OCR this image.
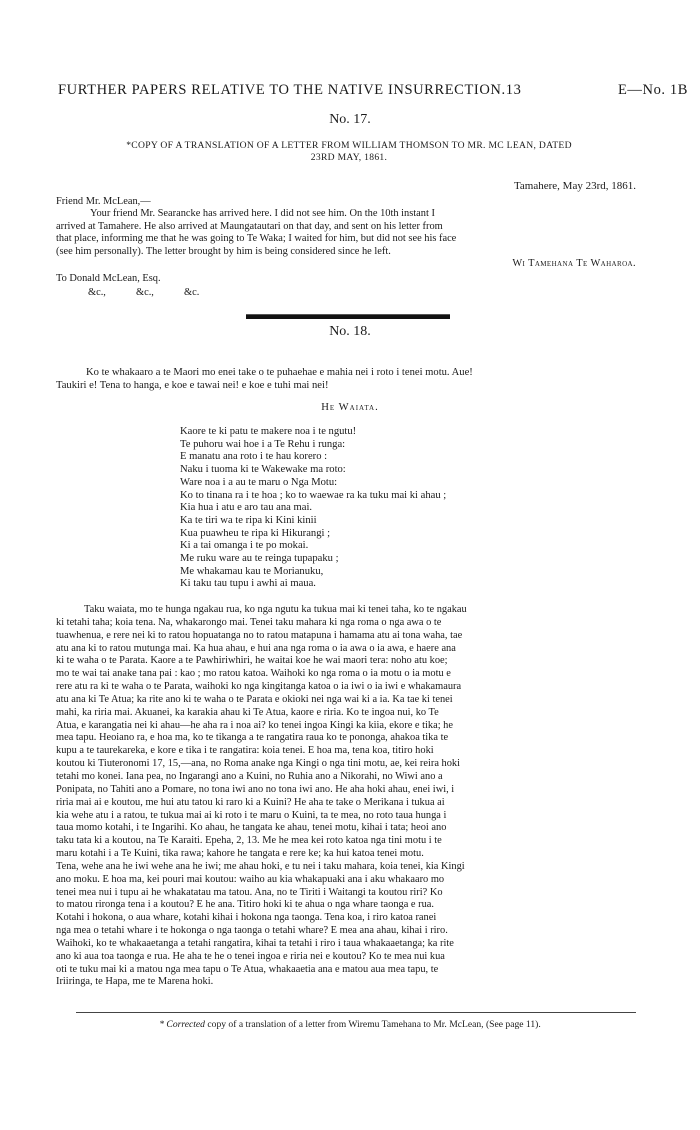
FURTHER PAPERS RELATIVE TO THE NATIVE INSURRECTION.13	E—No. 1B
No. 17.
*COPY OF A TRANSLATION OF A LETTER FROM WILLIAM THOMSON TO MR. MC LEAN, DATED
23RD MAY, 1861.
Tamahere, May 23rd, 1861.
Friend Mr. McLean,—
Your friend Mr. Searancke has arrived here. I did not see him. On the 10th instant I
arrived at Tamahere. He also arrived at Maungatautari on that day, and sent on his letter from
that place, informing me that he was going to Te Waka; I waited for him, but did not see his face
(see him personally). The letter brought by him is being considered since he left.
Wi Tamehana Te Waharoa.
To Donald McLean, Esq.
&c.,	&c.,	&c.
No. 18.
Ko te whakaaro a te Maori mo enei take o te puhaehae e mahia nei i roto i tenei motu. Aue!
Taukiri e! Tena to hanga, e koe e tawai nei! e koe e tuhi mai nei!
He Waiata.
Kaore te ki patu te makere noa i te ngutu!
Te puhoru wai hoe i a Te Rehu i runga:
E manatu ana roto i te hau korero :
Naku i tuoma ki te Wakewake ma roto:
Ware noa i a au te maru o Nga Motu:
Ko to tinana ra i te hoa ; ko to waewae ra ka tuku mai ki ahau ;
Kia hua i atu e aro tau ana mai.
Ka te tiri wa te ripa ki Kini kinii
Kua puawheu te ripa ki Hikurangi ;
Ki a tai omanga i te po mokai.
Me ruku ware au te reinga tupapaku ;
Me whakamau kau te Morianuku,
Ki taku tau tupu i awhi ai maua.
Taku waiata, mo te hunga ngakau rua, ko nga ngutu ka tukua mai ki tenei taha, ko te ngakau
ki tetahi taha; koia tena. Na, whakarongo mai. Tenei taku mahara ki nga roma o nga awa o te
tuawhenua, e rere nei ki to ratou hopuatanga no to ratou matapuna i hamama atu ai tona waha, tae
atu ana ki to ratou mutunga mai. Ka hua ahau, e hui ana nga roma o ia awa o ia awa, e haere ana
ki te waha o te Parata. Kaore a te Pawhiriwhiri, he waitai koe he wai maori tera: noho atu koe;
mo te wai tai anake tana pai : kao ; mo ratou katoa. Waihoki ko nga roma o ia motu o ia motu e
rere atu ra ki te waha o te Parata, waihoki ko nga kingitanga katoa o ia iwi o ia iwi e whakamaura
atu ana ki Te Atua; ka rite ano ki te waha o te Parata e okioki nei nga wai ki a ia. Ka tae ki tenei
mahi, ka riria mai. Akuanei, ka karakia ahau ki Te Atua, kaore e riria. Ko te ingoa nui, ko Te
Atua, e karangatia nei ki ahau—he aha ra i noa ai? ko tenei ingoa Kingi ka kiia, ekore e tika; he
mea tapu. Heoiano ra, e hoa ma, ko te tikanga a te rangatira raua ko te pononga, ahakoa tika te
kupu a te taurekareka, e kore e tika i te rangatira: koia tenei. E hoa ma, tena koa, titiro hoki
koutou ki Tiuteronomi 17, 15,—ana, no Roma anake nga Kingi o nga tini motu, ae, kei reira hoki
tetahi mo konei. Iana pea, no Ingarangi ano a Kuini, no Ruhia ano a Nikorahi, no Wiwi ano a
Ponipata, no Tahiti ano a Pomare, no tona iwi ano no tona iwi ano. He aha hoki ahau, enei iwi, i
riria mai ai e koutou, me hui atu tatou ki raro ki a Kuini? He aha te take o Merikana i tukua ai
kia wehe atu i a ratou, te tukua mai ai ki roto i te maru o Kuini, ta te mea, no roto taua hunga i
taua momo kotahi, i te Ingarihi. Ko ahau, he tangata ke ahau, tenei motu, kihai i tata; heoi ano
taku tata ki a koutou, na Te Karaiti. Epeha, 2, 13. Me he mea kei roto katoa nga tini motu i te
maru kotahi i a Te Kuini, tika rawa; kahore he tangata e rere ke; ka hui katoa tenei motu.
Tena, wehe ana he iwi wehe ana he iwi; me ahau hoki, e tu nei i taku mahara, koia tenei, kia Kingi
ano moku. E hoa ma, kei pouri mai koutou: waiho au kia whakapuaki ana i aku whakaaro mo
tenei mea nui i tupu ai he whakatatau ma tatou. Ana, no te Tiriti i Waitangi ta koutou riri? Ko
to matou rironga tena i a koutou? E he ana. Titiro hoki ki te ahua o nga whare taonga e rua.
Kotahi i hokona, o aua whare, kotahi kihai i hokona nga taonga. Tena koa, i riro katoa ranei
nga mea o tetahi whare i te hokonga o nga taonga o tetahi whare? E mea ana ahau, kihai i riro.
Waihoki, ko te whakaaetanga a tetahi rangatira, kihai ta tetahi i riro i taua whakaaetanga; ka rite
ano ki aua toa taonga e rua. He aha te he o tenei ingoa e riria nei e koutou? Ko te mea nui kua
oti te tuku mai ki a matou nga mea tapu o Te Atua, whakaaetia ana e matou aua mea tapu, te
Iriiringa, te Hapa, me te Marena hoki.
* Corrected copy of a translation of a letter from Wiremu Tamehana to Mr. McLean, (See page 11).
